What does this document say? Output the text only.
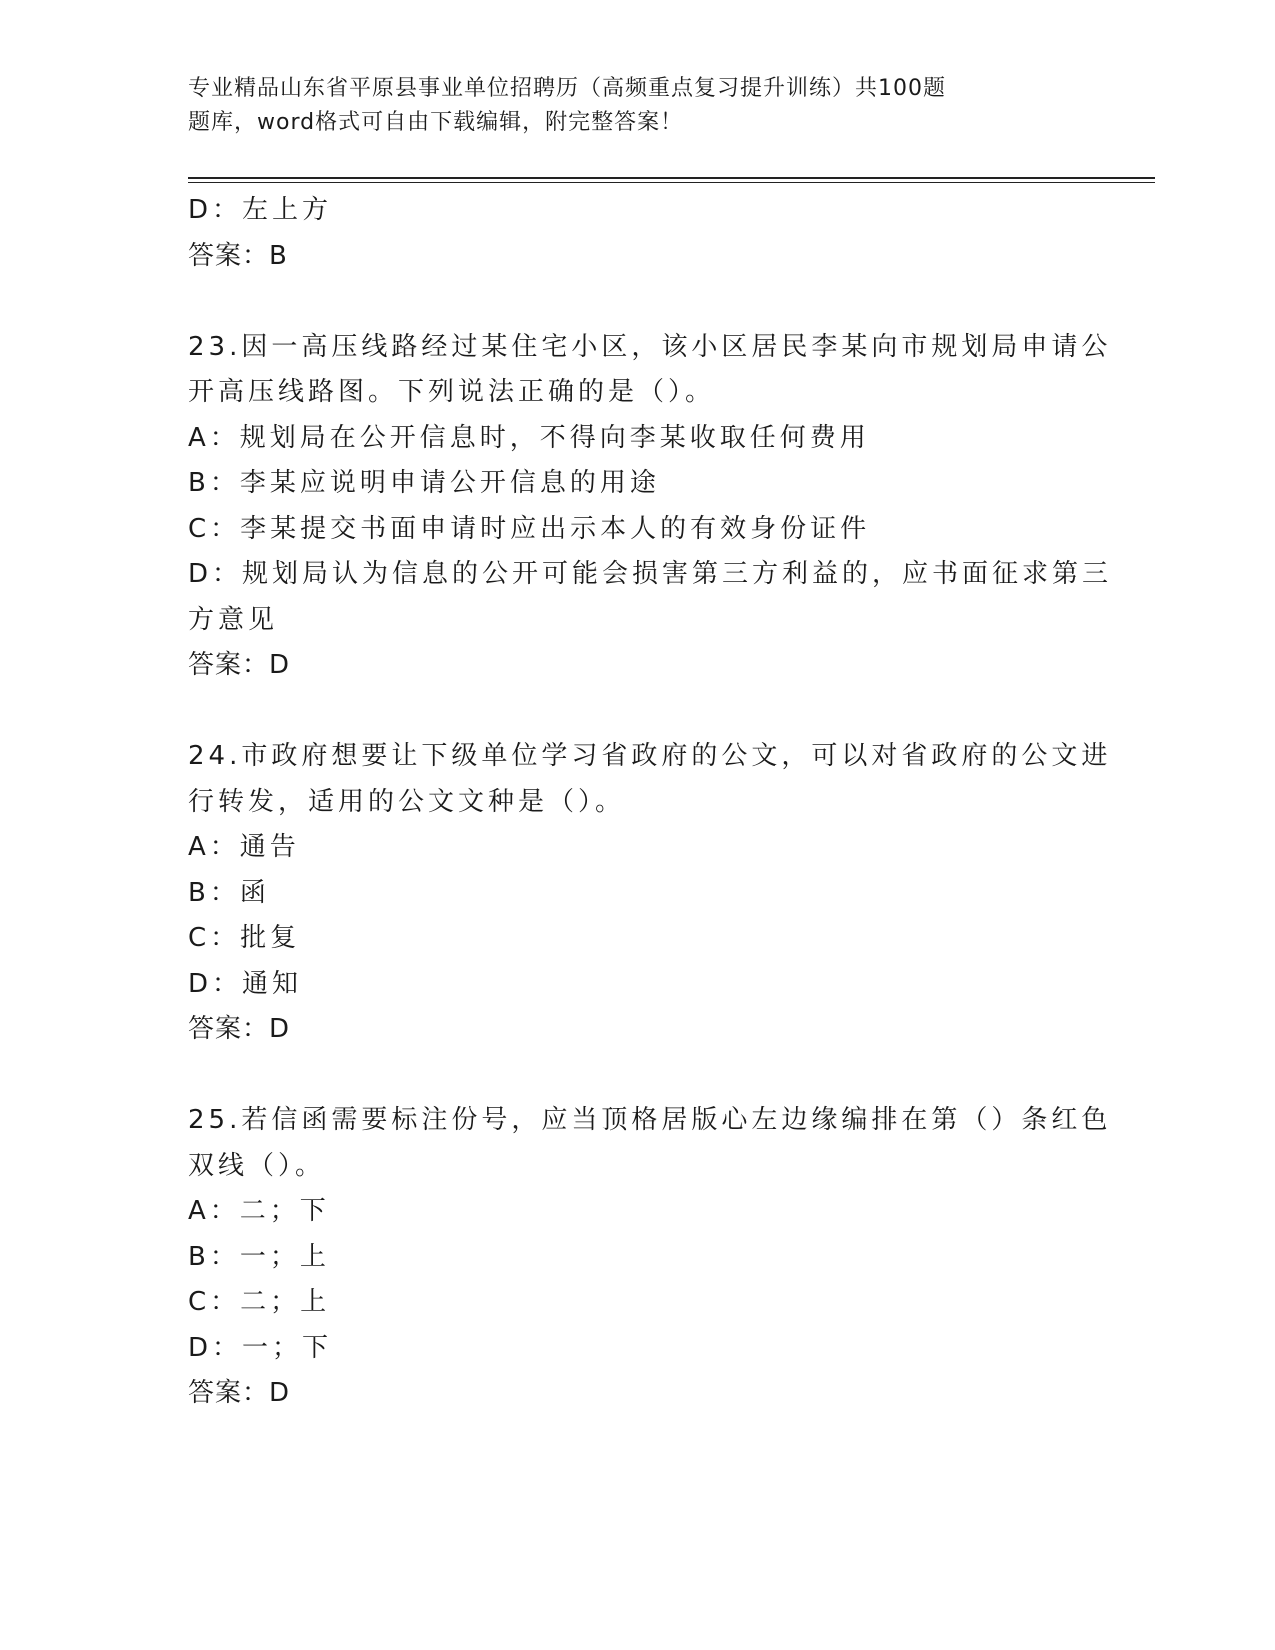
专业精品山东省平原县事业单位招聘历（高频重点复习提升训练）共100题
题库，word格式可自由下载编辑，附完整答案！
D：左上方
答案：B
23.因一高压线路经过某住宅小区，该小区居民李某向市规划局申请公
开高压线路图。下列说法正确的是（）。
A：规划局在公开信息时，不得向李某收取任何费用
B：李某应说明申请公开信息的用途
C：李某提交书面申请时应出示本人的有效身份证件
D：规划局认为信息的公开可能会损害第三方利益的，应书面征求第三
方意见
答案：D
24.市政府想要让下级单位学习省政府的公文，可以对省政府的公文进
行转发，适用的公文文种是（）。
A：通告
B：函
C：批复
D：通知
答案：D
25.若信函需要标注份号，应当顶格居版心左边缘编排在第（）条红色
双线（）。
A：二；下
B：一；上
C：二；上
D：一；下
答案：D
